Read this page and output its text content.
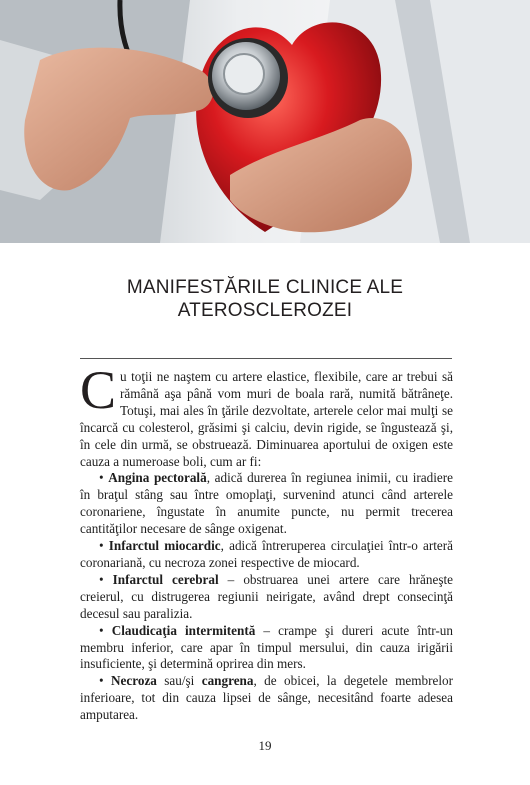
MANIFESTĂRILE CLINICE ALE
ATEROSCLEROZEI

Cu toţii ne naştem cu artere elastice, flexibile, care ar trebui să rămână aşa până vom muri de boala rară, numită bătrâneţe. Totuşi, mai ales în ţările dezvoltate, arterele celor mai mulţi se încarcă cu colesterol, grăsimi şi calciu, devin rigide, se îngustează şi, în cele din urmă, se obstruează. Diminuarea aportului de oxigen este cauza a numeroase boli, cum ar fi:

• Angina pectorală, adică durerea în regiunea inimii, cu iradiere în braţul stâng sau între omoplaţi, survenind atunci când arterele coronariene, îngustate în anumite puncte, nu permit trecerea cantităţilor necesare de sânge oxigenat.

• Infarctul miocardic, adică întreruperea circulaţiei într-o arteră coronariană, cu necroza zonei respective de miocard.

• Infarctul cerebral – obstruarea unei artere care hrăneşte creierul, cu distrugerea regiunii neirigate, având drept consecinţă decesul sau paralizia.

• Claudicaţia intermitentă – crampe şi dureri acute într-un membru inferior, care apar în timpul mersului, din cauza irigării insuficiente, şi determină oprirea din mers.

• Necroza sau/şi cangrena, de obicei, la degetele membrelor inferioare, tot din cauza lipsei de sânge, necesitând foarte adesea amputarea.

19
